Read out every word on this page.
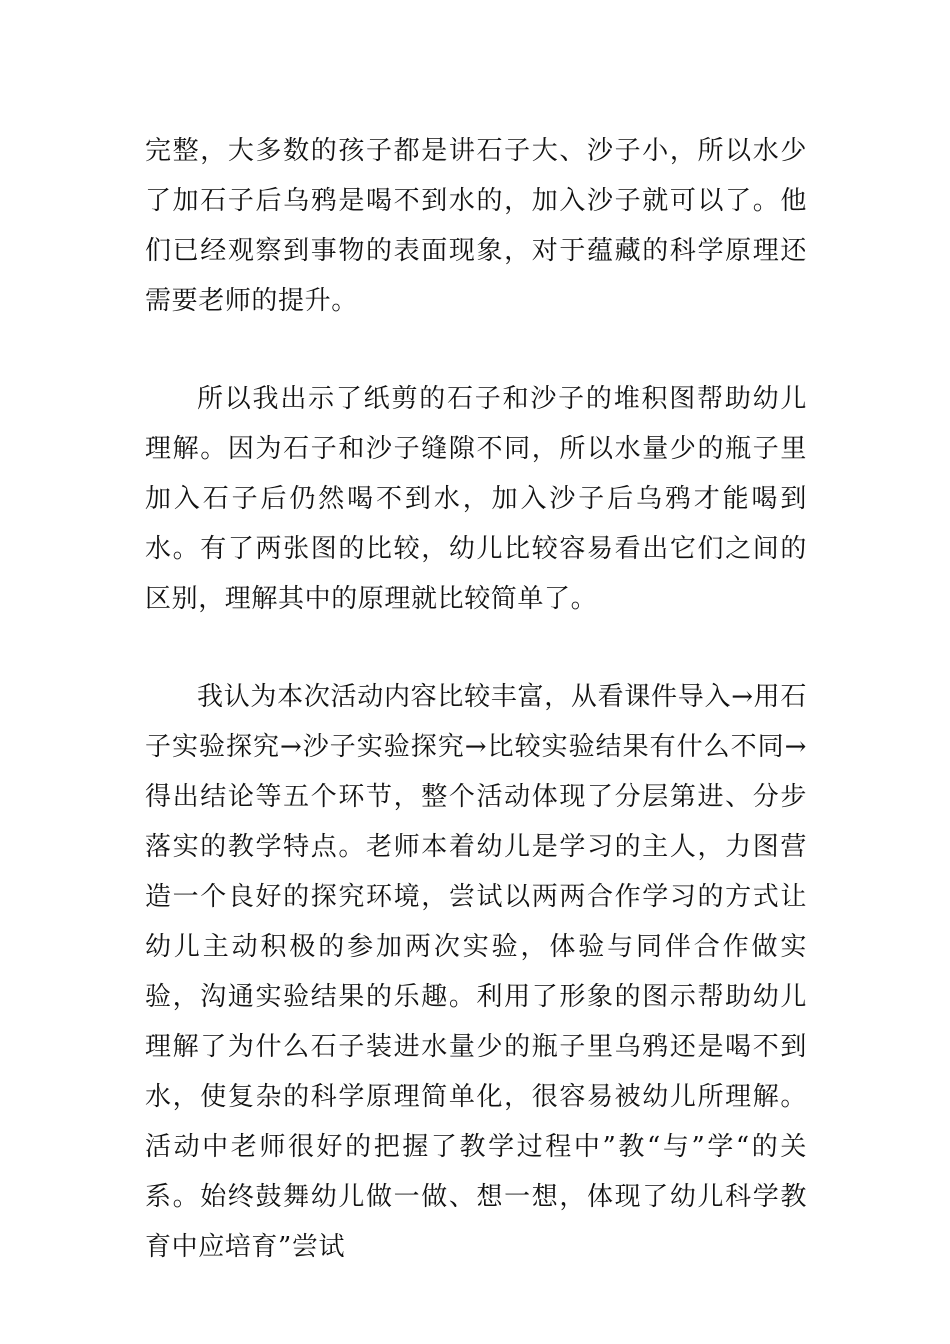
完整，大多数的孩子都是讲石子大、沙子小，所以水少了加石子后乌鸦是喝不到水的，加入沙子就可以了。他们已经观察到事物的表面现象，对于蕴藏的科学原理还需要老师的提升。

所以我出示了纸剪的石子和沙子的堆积图帮助幼儿理解。因为石子和沙子缝隙不同，所以水量少的瓶子里加入石子后仍然喝不到水，加入沙子后乌鸦才能喝到水。有了两张图的比较，幼儿比较容易看出它们之间的区别，理解其中的原理就比较简单了。

我认为本次活动内容比较丰富，从看课件导入→用石子实验探究→沙子实验探究→比较实验结果有什么不同→得出结论等五个环节，整个活动体现了分层第进、分步落实的教学特点。老师本着幼儿是学习的主人，力图营造一个良好的探究环境，尝试以两两合作学习的方式让幼儿主动积极的参加两次实验，体验与同伴合作做实验，沟通实验结果的乐趣。利用了形象的图示帮助幼儿理解了为什么石子装进水量少的瓶子里乌鸦还是喝不到水，使复杂的科学原理简单化，很容易被幼儿所理解。活动中老师很好的把握了教学过程中”教“与”学“的关系。始终鼓舞幼儿做一做、想一想，体现了幼儿科学教育中应培育”尝试
